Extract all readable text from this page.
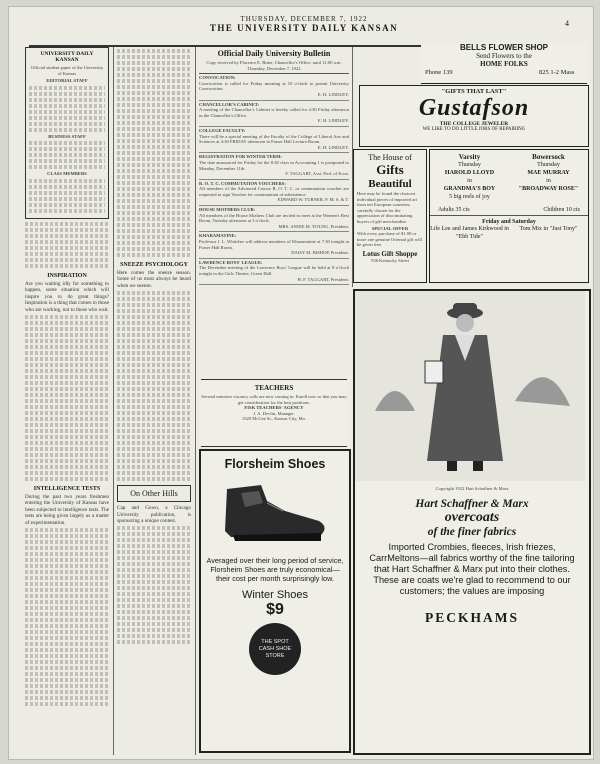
THURSDAY, DECEMBER 7, 1922
THE UNIVERSITY DAILY KANSAN	4
UNIVERSITY DAILY KANSAN
Official student paper of the University of Kansas
EDITORIAL STAFF
BUSINESS STAFF
CLASS MEMBERS
INSPIRATION
Are you waiting idly for something to happen, some situation which will inspire you to do great things? Inspiration is a thing that comes to those who are working, not to those who wait.
INTELLIGENCE TESTS
During the past two years freshmen entering the University of Kansas have been subjected to intelligence tests. The tests are being given largely as a matter of experimentation.
SNEEZE PSYCHOLOGY
Here comes the sneeze season. Some of us must always be heard when we sneeze.
On Other Hills
Cap and Gown, a Chicago University publication, is sponsoring a unique contest.
Official Daily University Bulletin
Copy received by Florence E. Bitter, Chancellor's Office, until 11:00 a.m.
Thursday, December 7, 1922
CONVOCATION:
Convocation is called for Friday morning at 10 o'clock to permit University Convocation.
E. H. LINDLEY.
CHANCELLOR'S CABINET:
A meeting of the Chancellor's Cabinet is hereby called for 4:30 Friday afternoon in the Chancellor's Office.
E. H. LINDLEY.
COLLEGE FACULTY:
There will be a special meeting of the Faculty of the College of Liberal Arts and Sciences at 4:30 FRIDAY afternoon in Fraser Hall Lecture Room.
E. H. LINDLEY.
REGISTRATION FOR WINTER TERM:
The date announced for Friday for the 8:30 class in Accounting 1 is postponed to Monday, December 11th.
F. TAGGART, Asst. Prof. of Econ.
R. O. T. C. COMMUTATION VOUCHERS:
All members of the Advanced Course R. O. T. C. or commutation voucher are requested to sign Voucher for commutation of subsistence.
EDWARD W. TURNER, P. M. S. & T.
HOUSE MOTHERS CLUB:
All members of the House Mothers Club are invited to meet at the Women's Rest Room, Tuesday afternoon at 3 o'clock.
MRS. ANNIE M. YOUNG, President.
KHARAMATINE:
Professor J. L. Whitcher will address members of Kharamatine at 7:30 tonight in Fraser Hall Room.
DAISY M. BISHOP, President.
LAWRENCE BOYS' LEAGUE:
The December meeting of the Lawrence Boys' League will be held at 8 o'clock tonight in the Girls Theater, Green Hall.
H. F. TAGGART, President.
TEACHERS
Second semester vacancy calls are now coming in. Enroll now so that you may get consideration for the best positions.
FISK TEACHERS' AGENCY
J. A. Devlin, Manager.
1020 McGee St., Kansas City, Mo.
Florsheim Shoes
Averaged over their long period of service, Florsheim Shoes are truly economical—their cost per month surprisingly low.
Winter Shoes
$9
THE SPOT CASH SHOE STORE
BELLS FLOWER SHOP
Send Flowers to the
HOME FOLKS
Phone 139	825 1-2 Mass
"GIFTS THAT LAST"
Gustafson
THE COLLEGE JEWELER
WE LIKE TO DO LITTLE JOBS OF REPAIRING
The House of
Gifts
Beautiful
Here may be found the choicest individual pieces of imported art from ten European countries, carefully chosen for the appreciation of discriminating buyers of gift merchandise.
SPECIAL OFFER
With every purchase of $1.00 or more one genuine Oriental gift will be given free.
Lotus Gift Shoppe
936 Kentucky Street
Varsity
Thursday
HAROLD LLOYD
in
GRANDMA'S BOY
5 big reels of joy
Bowersock
Thursday
MAE MURRAY
in
"BROADWAY ROSE"
Adults 35 cts	Children 10 cts
Friday and Saturday
Life Lee and James Kirkwood in "Ebb Tide"
Tom Mix in "Just Tony"
Copyright 1922 Hart Schaffner & Marx
Hart Schaffner & Marx
overcoats
of the finer fabrics
Imported Crombies, fleeces, Irish friezes, CarrMeltons—all fabrics worthy of the fine tailoring that Hart Schaffner & Marx put into their clothes. These are coats we're glad to recommend to our customers; the values are imposing
PECKHAMS
